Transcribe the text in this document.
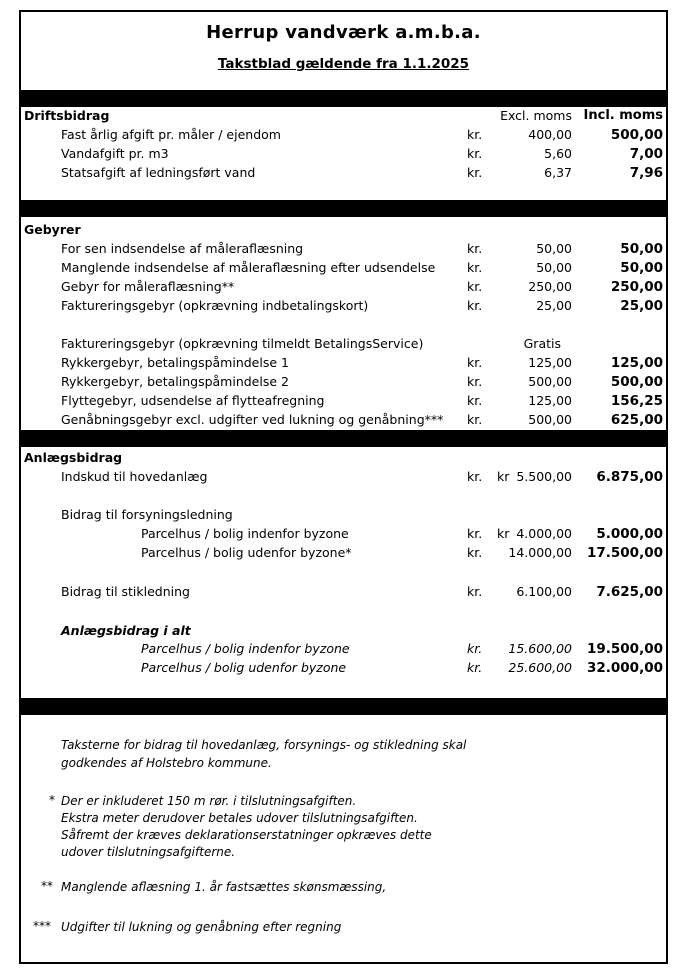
Herrup vandværk a.m.b.a.
Takstblad gældende fra 1.1.2025
Driftsbidrag	Excl. moms Incl. moms
Fast årlig afgift pr. måler / ejendom	kr.	400,00	500,00
Vandafgift pr. m3	kr.	5,60	7,00
Statsafgift af ledningsført vand	kr.	6,37	7,96
Gebyrer
For sen indsendelse af måleraflæsning	kr.	50,00	50,00
Manglende indsendelse af måleraflæsning efter udsendelse	kr.	50,00	50,00
Gebyr for måleraflæsning**	kr.	250,00	250,00
Faktureringsgebyr (opkrævning indbetalingskort)	kr.	25,00	25,00
Faktureringsgebyr (opkrævning tilmeldt BetalingsService)	Gratis
Rykkergebyr, betalingspåmindelse 1	kr.	125,00	125,00
Rykkergebyr, betalingspåmindelse 2	kr.	500,00	500,00
Flyttegebyr, udsendelse af flytteafregning	kr.	125,00	156,25
Genåbningsgebyr excl. udgifter ved lukning og genåbning*** kr.	500,00	625,00
Anlægsbidrag
Indskud til hovedanlæg	kr. kr 5.500,00 6.875,00
Bidrag til forsyningsledning
Parcelhus / bolig indenfor byzone	kr. kr 4.000,00 5.000,00
Parcelhus / bolig udenfor byzone*	kr. 14.000,00 17.500,00
Bidrag til stikledning	kr.	6.100,00 7.625,00
Anlægsbidrag i alt
Parcelhus / bolig indenfor byzone	kr. 15.600,00 19.500,00
Parcelhus / bolig udenfor byzone	kr. 25.600,00 32.000,00
Taksterne for bidrag til hovedanlæg, forsynings- og stikledning skal
godkendes af Holstebro kommune.
* Der er inkluderet 150 m rør. i tilslutningsafgiften.
Ekstra meter derudover betales udover tilslutningsafgiften.
Såfremt der kræves deklarationserstatninger opkræves dette
udover tilslutningsafgifterne.
** Manglende aflæsning 1. år fastsættes skønsmæssing,
*** Udgifter til lukning og genåbning efter regning
